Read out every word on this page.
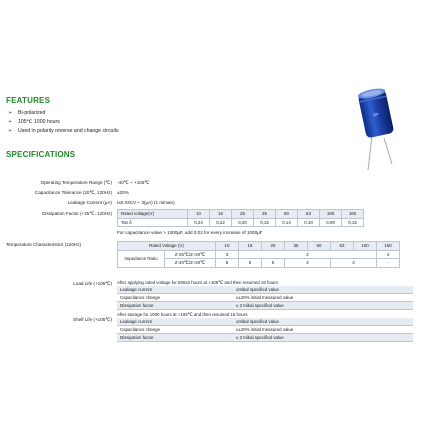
BP
FEATURES
➢	Bi-polarized
➢	105℃ 1000 hours
➢	Used in polarity reverse and change circuits
SPECIFICATIONS
Operating Temperature Range (℃) -40℃ ~ +105℃
Capacitance Tolerance (20℃, 120Hz) ±20%
Leakage Current (μA) I≤0.03CV + 3(μA) (1 minute)
Dissipation Factor (+25℃, 120Hz) Rated voltage(V)	10	16	25	35	50	63	100	160
Tan δ	0,24	0,22	0,20	0,15	0,14	0,10	0,09	0,15
For capacitance value > 1000μF, add 0,02 for every increase of 1000μF
Temperature Characteristics (120Hz)	Rated Voltage (V)		10	16	25	35	50	63	100	160
Impedance Ratio	Z-25℃/Z+20℃	3	2						4
	Z-40℃/Z+20℃	8	6	5	4		3		-
Load Life (+105℃) After applying rated voltage for 500x2 hours at +105℃ and then resumed 16 hours
Leakage current	≤Initial specified value
Capacitance change	≤±20% initial measured value
Dissipation factor	≤ 2 Initial specified value
Shelf Life (+105℃)
After storage for 1000 hours at +105℃ and then resumed 16 hours
Leakage current	≤Initial specified value
Capacitance change	≤±20% initial measured value
Dissipation factor	≤ 2 Initial specified value
